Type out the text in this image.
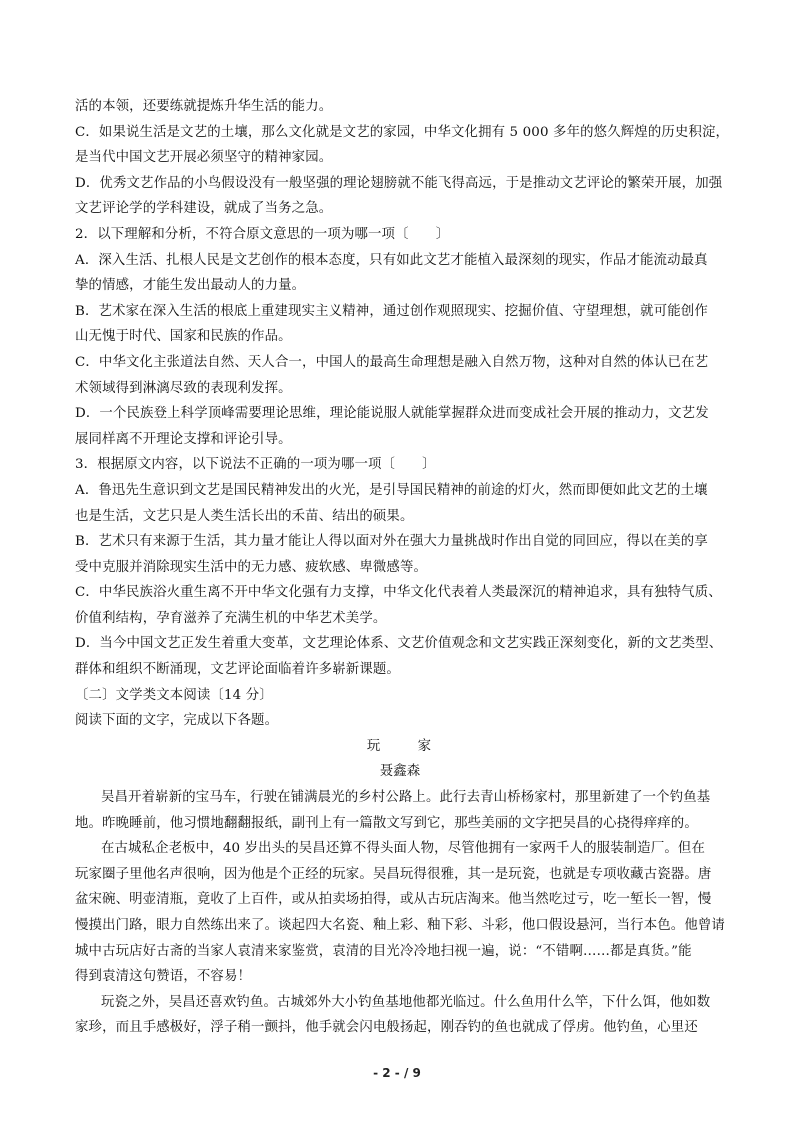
活的本领，还要练就提炼升华生活的能力。
C．如果说生活是文艺的土壤，那么文化就是文艺的家园，中华文化拥有 5 000 多年的悠久辉煌的历史积淀，
是当代中国文艺开展必须坚守的精神家园。
D．优秀文艺作品的小鸟假设没有一般坚强的理论翅膀就不能飞得高远，于是推动文艺评论的繁荣开展，加强
文艺评论学的学科建设，就成了当务之急。
2．以下理解和分析，不符合原文意思的一项为哪一项〔　　〕
A．深入生活、扎根人民是文艺创作的根本态度，只有如此文艺才能植入最深刻的现实，作品才能流动最真
挚的情感，才能生发出最动人的力量。
B．艺术家在深入生活的根底上重建现实主义精神，通过创作观照现实、挖掘价值、守望理想，就可能创作
山无愧于时代、国家和民族的作品。
C．中华文化主张道法自然、天人合一，中国人的最高生命理想是融入自然万物，这种对自然的体认已在艺
术领域得到淋漓尽致的表现利发挥。
D．一个民族登上科学顶峰需要理论思维，理论能说服人就能掌握群众进而变成社会开展的推动力，文艺发
展同样离不开理论支撑和评论引导。
3．根据原文内容，以下说法不正确的一项为哪一项〔　　〕
A．鲁迅先生意识到文艺是国民精神发出的火光，是引导国民精神的前途的灯火，然而即便如此文艺的土壤
也是生活，文艺只是人类生活长出的禾苗、结出的硕果。
B．艺术只有来源于生活，其力量才能让人得以面对外在强大力量挑战时作出自觉的同回应，得以在美的享
受中克服并消除现实生活中的无力感、疲软感、卑微感等。
C．中华民族浴火重生离不开中华文化强有力支撑，中华文化代表着人类最深沉的精神追求，具有独特气质、
价值利结构，孕育滋养了充满生机的中华艺术美学。
D．当今中国文艺正发生着重大变革，文艺理论体系、文艺价值观念和文艺实践正深刻变化，新的文艺类型、
群体和组织不断涌现，文艺评论面临着许多崭新课题。
〔二〕文学类文本阅读〔14 分〕
阅读下面的文字，完成以下各题。
玩　家
聂鑫森
吴昌开着崭新的宝马车，行驶在铺满晨光的乡村公路上。此行去青山桥杨家村，那里新建了一个钓鱼基
地。昨晚睡前，他习惯地翻翻报纸，副刊上有一篇散文写到它，那些美丽的文字把吴昌的心挠得痒痒的。
在古城私企老板中，40 岁出头的吴昌还算不得头面人物，尽管他拥有一家两千人的服装制造厂。但在
玩家圈子里他名声很响，因为他是个正经的玩家。吴昌玩得很雅，其一是玩瓷，也就是专项收藏古瓷器。唐
盆宋碗、明壶清瓶，竟收了上百件，或从拍卖场拍得，或从古玩店淘来。他当然吃过亏，吃一堑长一智，慢
慢摸出门路，眼力自然练出来了。谈起四大名瓷、釉上彩、釉下彩、斗彩，他口假设悬河，当行本色。他曾请
城中古玩店好古斋的当家人袁清来家鉴赏，袁清的目光冷冷地扫视一遍，说：“不错啊……都是真货。”能
得到袁清这句赞语，不容易！
玩瓷之外，吴昌还喜欢钓鱼。古城郊外大小钓鱼基地他都光临过。什么鱼用什么竿，下什么饵，他如数
家珍，而且手感极好，浮子稍一颤抖，他手就会闪电般扬起，刚吞钓的鱼也就成了俘虏。他钓鱼，心里还
- 2 - / 9
